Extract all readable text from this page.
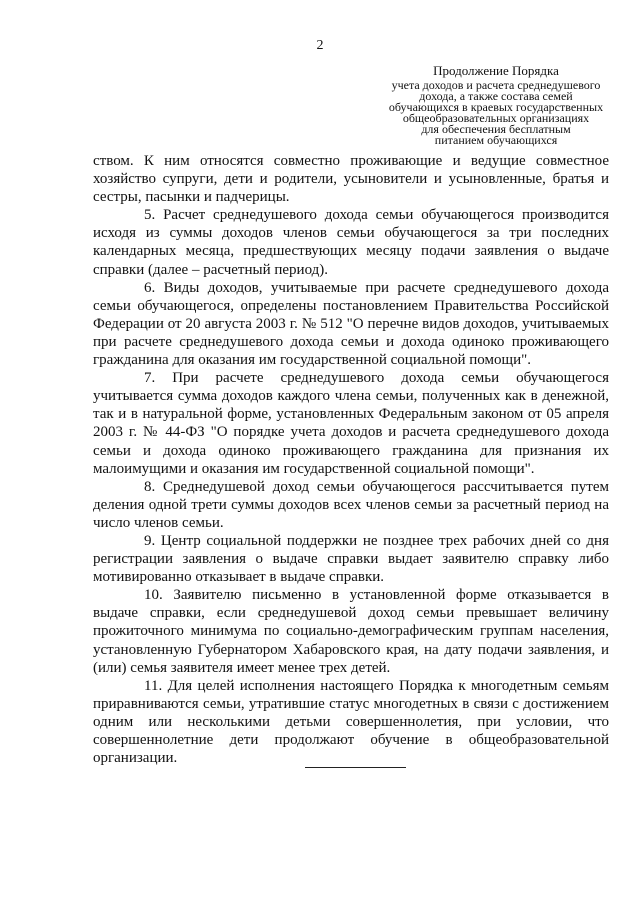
2
Продолжение Порядка
учета доходов и расчета среднедушевого
дохода, а также состава семей
обучающихся в краевых государственных
общеобразовательных организациях
для обеспечения бесплатным
питанием обучающихся

ством. К ним относятся совместно проживающие и ведущие совместное хозяйство супруги, дети и родители, усыновители и усыновленные, братья и сестры, пасынки и падчерицы.

5. Расчет среднедушевого дохода семьи обучающегося производится исходя из суммы доходов членов семьи обучающегося за три последних календарных месяца, предшествующих месяцу подачи заявления о выдаче справки (далее – расчетный период).

6. Виды доходов, учитываемые при расчете среднедушевого дохода семьи обучающегося, определены постановлением Правительства Российской Федерации от 20 августа 2003 г. № 512 "О перечне видов доходов, учитываемых при расчете среднедушевого дохода семьи и дохода одиноко проживающего гражданина для оказания им государственной социальной помощи".

7. При расчете среднедушевого дохода семьи обучающегося учитывается сумма доходов каждого члена семьи, полученных как в денежной, так и в натуральной форме, установленных Федеральным законом от 05 апреля 2003 г. № 44-ФЗ "О порядке учета доходов и расчета среднедушевого дохода семьи и дохода одиноко проживающего гражданина для признания их малоимущими и оказания им государственной социальной помощи".

8. Среднедушевой доход семьи обучающегося рассчитывается путем деления одной трети суммы доходов всех членов семьи за расчетный период на число членов семьи.

9. Центр социальной поддержки не позднее трех рабочих дней со дня регистрации заявления о выдаче справки выдает заявителю справку либо мотивированно отказывает в выдаче справки.

10. Заявителю письменно в установленной форме отказывается в выдаче справки, если среднедушевой доход семьи превышает величину прожиточного минимума по социально-демографическим группам населения, установленную Губернатором Хабаровского края, на дату подачи заявления, и (или) семья заявителя имеет менее трех детей.

11. Для целей исполнения настоящего Порядка к многодетным семьям приравниваются семьи, утратившие статус многодетных в связи с достижением одним или несколькими детьми совершеннолетия, при условии, что совершеннолетние дети продолжают обучение в общеобразовательной организации.
